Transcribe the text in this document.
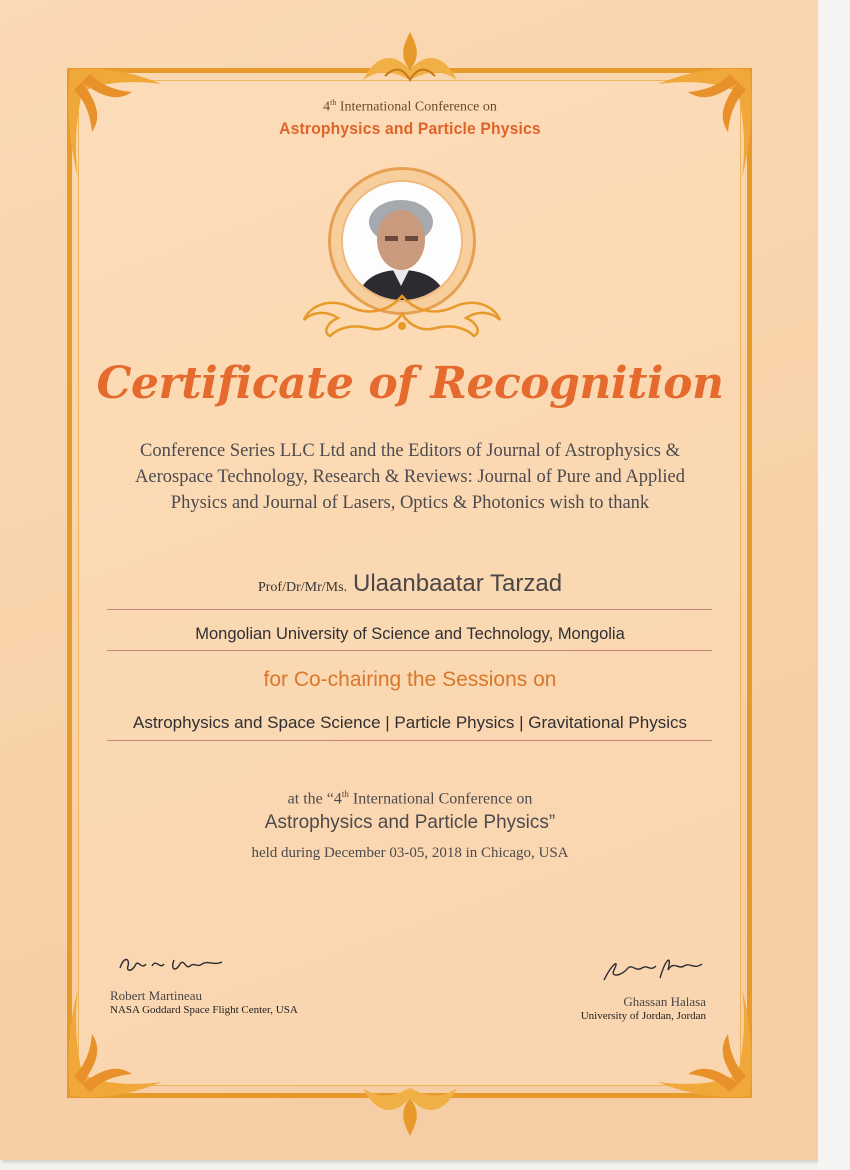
4th International Conference on
Astrophysics and Particle Physics
Certificate of Recognition
Conference Series LLC Ltd and the Editors of Journal of Astrophysics & Aerospace Technology, Research & Reviews: Journal of Pure and Applied Physics and Journal of Lasers, Optics & Photonics wish to thank
Prof/Dr/Mr/Ms. Ulaanbaatar Tarzad
Mongolian University of Science and Technology, Mongolia
for Co-chairing the Sessions on
Astrophysics and Space Science | Particle Physics | Gravitational Physics
at the “4th International Conference on
Astrophysics and Particle Physics”
held during December 03-05, 2018 in Chicago, USA
Robert Martineau
NASA Goddard Space Flight Center, USA
Ghassan Halasa
University of Jordan, Jordan
